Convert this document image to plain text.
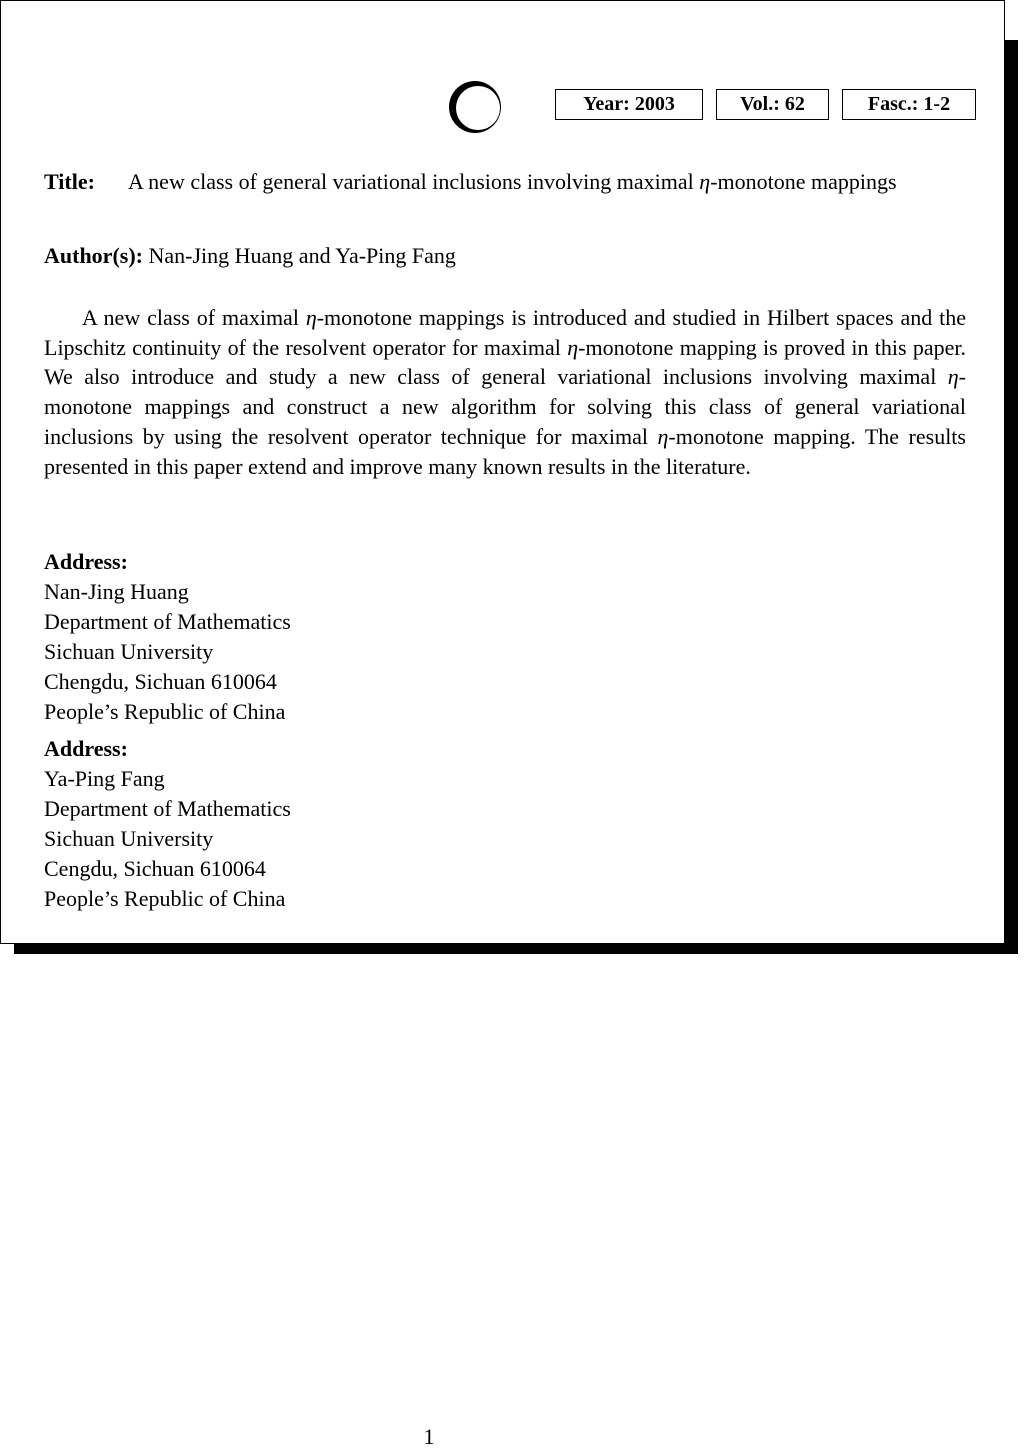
Year: 2003	Vol.: 62	Fasc.: 1-2
Title: A new class of general variational inclusions involving maximal η-monotone mappings
Author(s): Nan-Jing Huang and Ya-Ping Fang

A new class of maximal η-monotone mappings is introduced and studied in Hilbert spaces and the Lipschitz continuity of the resolvent operator for maximal η-monotone mapping is proved in this paper. We also introduce and study a new class of general variational inclusions involving maximal η-monotone mappings and construct a new algorithm for solving this class of general variational inclusions by using the resolvent operator technique for maximal η-monotone mapping. The results presented in this paper extend and improve many known results in the literature.

Address:
Nan-Jing Huang
Department of Mathematics
Sichuan University
Chengdu, Sichuan 610064
People’s Republic of China
Address:
Ya-Ping Fang
Department of Mathematics
Sichuan University
Cengdu, Sichuan 610064
People’s Republic of China
1
